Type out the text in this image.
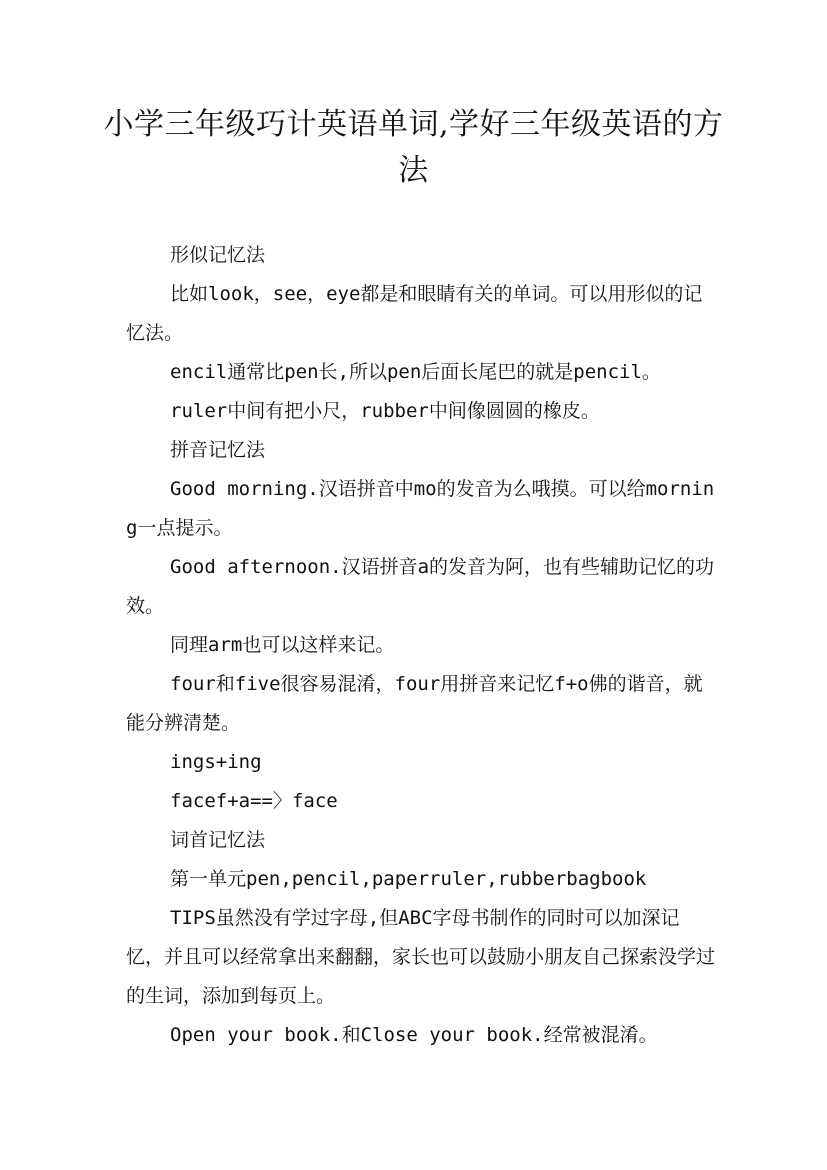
小学三年级巧计英语单词,学好三年级英语的方法

形似记忆法

比如look，see，eye都是和眼睛有关的单词。可以用形似的记忆法。

encil通常比pen长,所以pen后面长尾巴的就是pencil。

ruler中间有把小尺，rubber中间像圆圆的橡皮。

拼音记忆法

Good morning.汉语拼音中mo的发音为么哦摸。可以给morning一点提示。

Good afternoon.汉语拼音a的发音为阿，也有些辅助记忆的功效。

同理arm也可以这样来记。

four和five很容易混淆，four用拼音来记忆f+o佛的谐音，就能分辨清楚。

ings+ing

facef+a==〉face

词首记忆法

第一单元pen,pencil,paperruler,rubberbagbook

TIPS虽然没有学过字母,但ABC字母书制作的同时可以加深记忆，并且可以经常拿出来翻翻，家长也可以鼓励小朋友自己探索没学过的生词，添加到每页上。

Open your book.和Close your book.经常被混淆。
